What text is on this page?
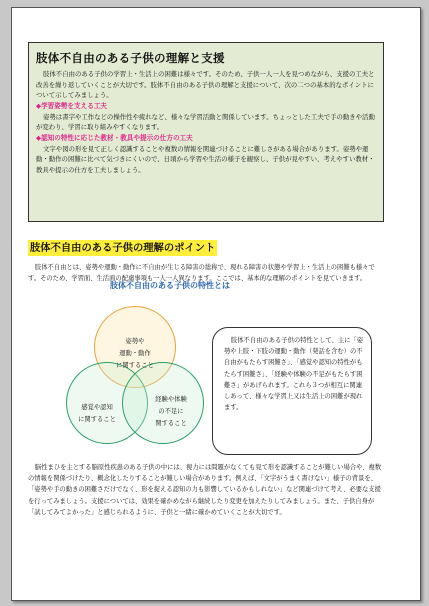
肢体不自由のある子供の理解と支援

肢体不自由のある子供の学習上・生活上の困難は様々です。そのため、子供一人一人を見つめながら、支援の工夫と改善を繰り返していくことが大切です。肢体不自由のある子供の理解と支援について、次の二つの基本的なポイントについて示してみましょう。

◆学習姿勢を支える工夫

姿勢は書字や工作などの操作性や疲れなど、様々な学習活動と関係しています。ちょっとした工夫で手の動きや活動が変わり、学習に取り組みやすくなります。

◆認知の特性に応じた教材・教具や提示の仕方の工夫

文字や図の形を見て正しく認識することや複数の情報を関連づけることに難しさがある場合があります。姿勢や運動・動作の困難に比べて気づきにくいので、日頃から学習や生活の様子を観察し、子供が見やすい、考えやすい教材・教具や提示の仕方を工夫しましょう。

肢体不自由のある子供の理解のポイント

肢体不自由とは、姿勢や運動・動作に不自由が生じる障害の総称で、現れる障害の状態や学習上・生活上の困難も様々です。そのため、学習面、生活面の配慮事項も一人一人異なります。ここでは、基本的な理解のポイントを見ていきます。

肢体不自由のある子供の特性とは
姿勢や
運動・動作
に関すること
感覚や認知
に関すること
経験や体験
の不足に
関すること

肢体不自由のある子供の特性として、主に「姿勢や上肢・下肢の運動・動作（発話を含む）の不自由がもたらす困難さ」、「感覚や認知の特性がもたらす困難さ」、「経験や体験の不足がもたらす困難さ」があげられます。これら３つが相互に関連しあって、様々な学習上又は生活上の困難が現れます。

脳性まひを主とする脳原性疾患のある子供の中には、視力には問題がなくても見て形を認識することが難しい場合や、複数の情報を関係づけたり、概念化したりすることが難しい場合があります。例えば、「文字がうまく書けない」様子の背景を、「姿勢や手の動きの困難さだけでなく、形を捉える認知の力も影響しているかもしれない」など関連づけて考え、必要な支援を行ってみましょう。支援については、効果を確かめながら継続したり変更を加えたりしてみましょう。また、子供自身が「試してみてよかった」と感じられるように、子供と一緒に確かめていくことが大切です。
